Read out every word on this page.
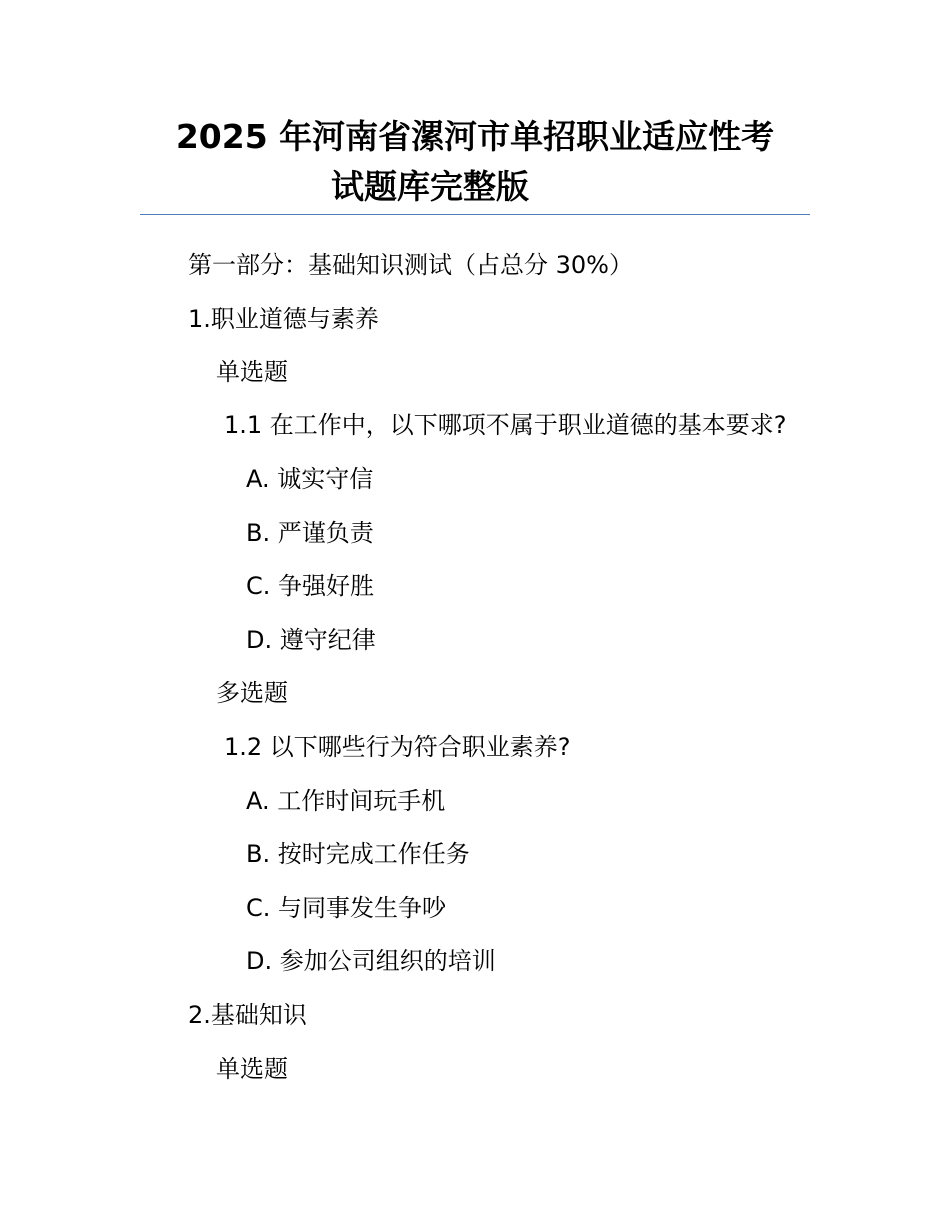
2025 年河南省漯河市单招职业适应性考
试题库完整版
第一部分：基础知识测试（占总分 30%）
1.职业道德与素养
单选题
1.1 在工作中，以下哪项不属于职业道德的基本要求?
A. 诚实守信
B. 严谨负责
C. 争强好胜
D. 遵守纪律
多选题
1.2 以下哪些行为符合职业素养?
A. 工作时间玩手机
B. 按时完成工作任务
C. 与同事发生争吵
D. 参加公司组织的培训
2.基础知识
单选题
